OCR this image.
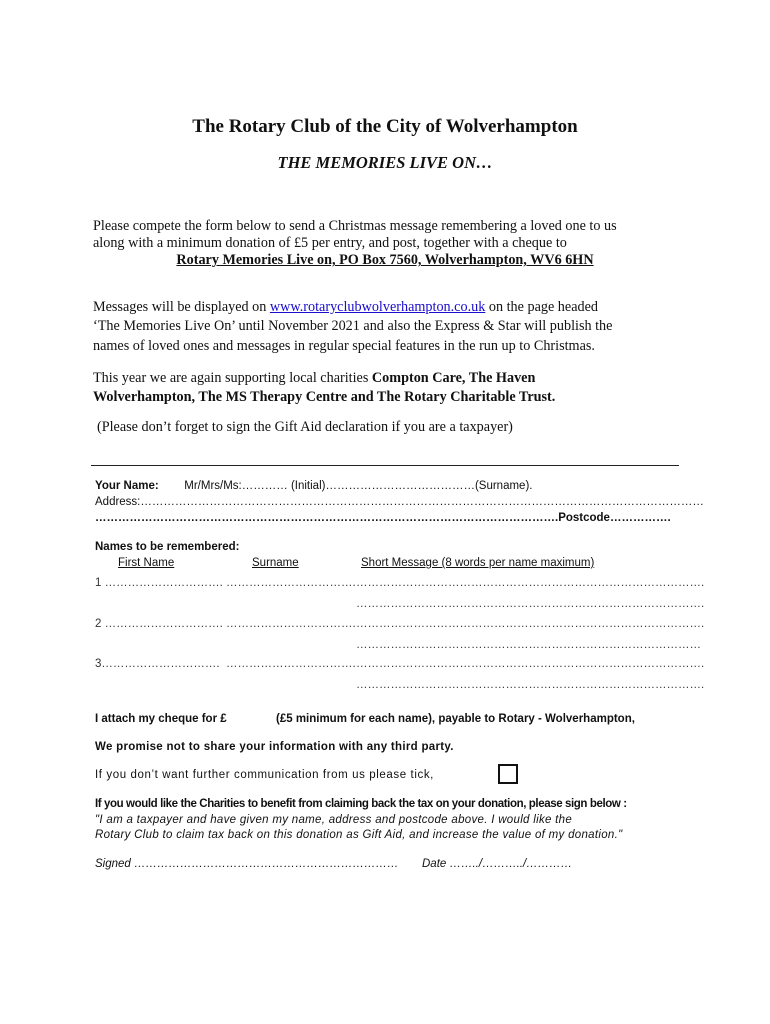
The Rotary Club of the City of Wolverhampton
THE MEMORIES LIVE ON…
Please compete the form below to send a Christmas message remembering a loved one to us
along with a minimum donation of £5 per entry, and post, together with a cheque to
Rotary Memories Live on, PO Box 7560, Wolverhampton, WV6 6HN
Messages will be displayed on www.rotaryclubwolverhampton.co.uk on the page headed
‘The Memories Live On’ until November 2021 and also the Express & Star will publish the
names of loved ones and messages in regular special features in the run up to Christmas.
This year we are again supporting local charities Compton Care, The Haven
Wolverhampton, The MS Therapy Centre and The Rotary Charitable Trust.
(Please don’t forget to sign the Gift Aid declaration if you are a taxpayer)
Your Name: Mr/Mrs/Ms:………… (Initial)…………………………………(Surname).
Address:…………………………………………………………………………………………………………………………………
………………………………………………………………………………………………………….Postcode…………….
Names to be remembered:
First Name	Surname	Short Message (8 words per name maximum)
1 …………………………. ……………………………. ……………………………………………………………………………….
……………………………………………………………………………….
2 …………………………. ……………………………. ……………………………………………………………………………….
………………………………………………………………………………
3…………………………. ……………………………. ……………………………………………………………………………….
……………………………………………………………………………….
I attach my cheque for £	(£5 minimum for each name), payable to Rotary - Wolverhampton,
We promise not to share your information with any third party.
If you don’t want further communication from us please tick,
If you would like the Charities to benefit from claiming back the tax on your donation, please sign below :
"I am a taxpayer and have given my name, address and postcode above. I would like the
Rotary Club to claim tax back on this donation as Gift Aid, and increase the value of my donation."
Signed …………………………………………………………… Date ……../………../…………
